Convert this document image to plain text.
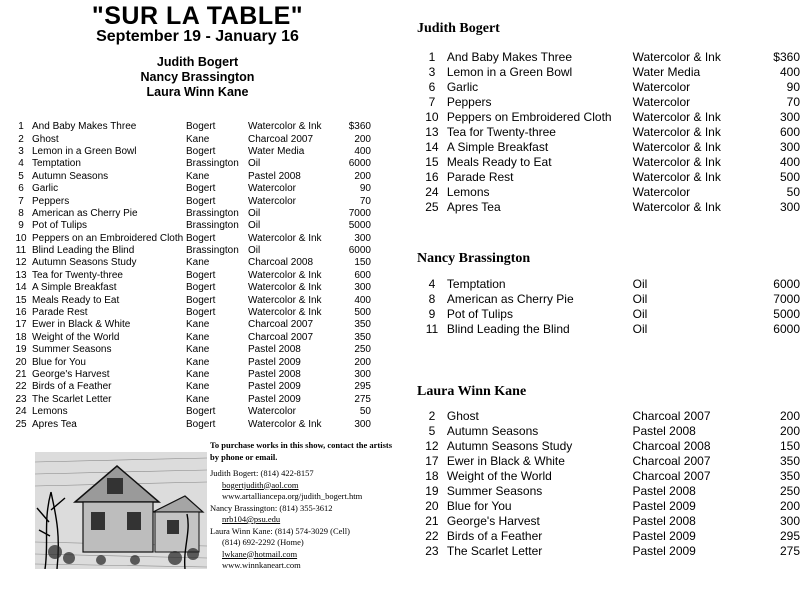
"SUR LA TABLE"
September 19 - January 16
Judith Bogert
Nancy Brassington
Laura Winn Kane
1	And Baby Makes Three	Bogert	Watercolor & Ink	$360
2	Ghost	Kane	Charcoal 2007	200
3	Lemon in a Green Bowl	Bogert	Water Media	400
4	Temptation	Brassington	Oil	6000
5	Autumn Seasons	Kane	Pastel 2008	200
6	Garlic	Bogert	Watercolor	90
7	Peppers	Bogert	Watercolor	70
8	American as Cherry Pie	Brassington	Oil	7000
9	Pot of Tulips	Brassington	Oil	5000
10	Peppers on an Embroidered Cloth	Bogert	Watercolor & Ink	300
11	Blind Leading the Blind	Brassington	Oil	6000
12	Autumn Seasons Study	Kane	Charcoal 2008	150
13	Tea for Twenty-three	Bogert	Watercolor & Ink	600
14	A Simple Breakfast	Bogert	Watercolor & Ink	300
15	Meals Ready to Eat	Bogert	Watercolor & Ink	400
16	Parade Rest	Bogert	Watercolor & Ink	500
17	Ewer in Black & White	Kane	Charcoal 2007	350
18	Weight of the World	Kane	Charcoal 2007	350
19	Summer Seasons	Kane	Pastel 2008	250
20	Blue for You	Kane	Pastel 2009	200
21	George's Harvest	Kane	Pastel 2008	300
22	Birds of a Feather	Kane	Pastel 2009	295
23	The Scarlet Letter	Kane	Pastel 2009	275
24	Lemons	Bogert	Watercolor	50
25	Apres Tea	Bogert	Watercolor & Ink	300
To purchase works in this show, contact the artists by phone or email.
Judith Bogert: (814) 422-8157
bogertjudith@aol.com
www.artalliancepa.org/judith_bogert.htm
Nancy Brassington: (814) 355-3612
nrb104@psu.edu
Laura Winn Kane: (814) 574-3029 (Cell)
(814) 692-2292 (Home)
lwkane@hotmail.com
www.winnkaneart.com
Judith Bogert
1	And Baby Makes Three	Watercolor & Ink	$360
3	Lemon in a Green Bowl	Water Media	400
6	Garlic	Watercolor	90
7	Peppers	Watercolor	70
10	Peppers on Embroidered Cloth	Watercolor & Ink	300
13	Tea for Twenty-three	Watercolor & Ink	600
14	A Simple Breakfast	Watercolor & Ink	300
15	Meals Ready to Eat	Watercolor & Ink	400
16	Parade Rest	Watercolor & Ink	500
24	Lemons	Watercolor	50
25	Apres Tea	Watercolor & Ink	300
Nancy Brassington
4	Temptation	Oil	6000
8	American as Cherry Pie	Oil	7000
9	Pot of Tulips	Oil	5000
11	Blind Leading the Blind	Oil	6000
Laura Winn Kane
2	Ghost	Charcoal 2007	200
5	Autumn Seasons	Pastel 2008	200
12	Autumn Seasons Study	Charcoal 2008	150
17	Ewer in Black & White	Charcoal 2007	350
18	Weight of the World	Charcoal 2007	350
19	Summer Seasons	Pastel 2008	250
20	Blue for You	Pastel 2009	200
21	George's Harvest	Pastel 2008	300
22	Birds of a Feather	Pastel 2009	295
23	The Scarlet Letter	Pastel 2009	275
